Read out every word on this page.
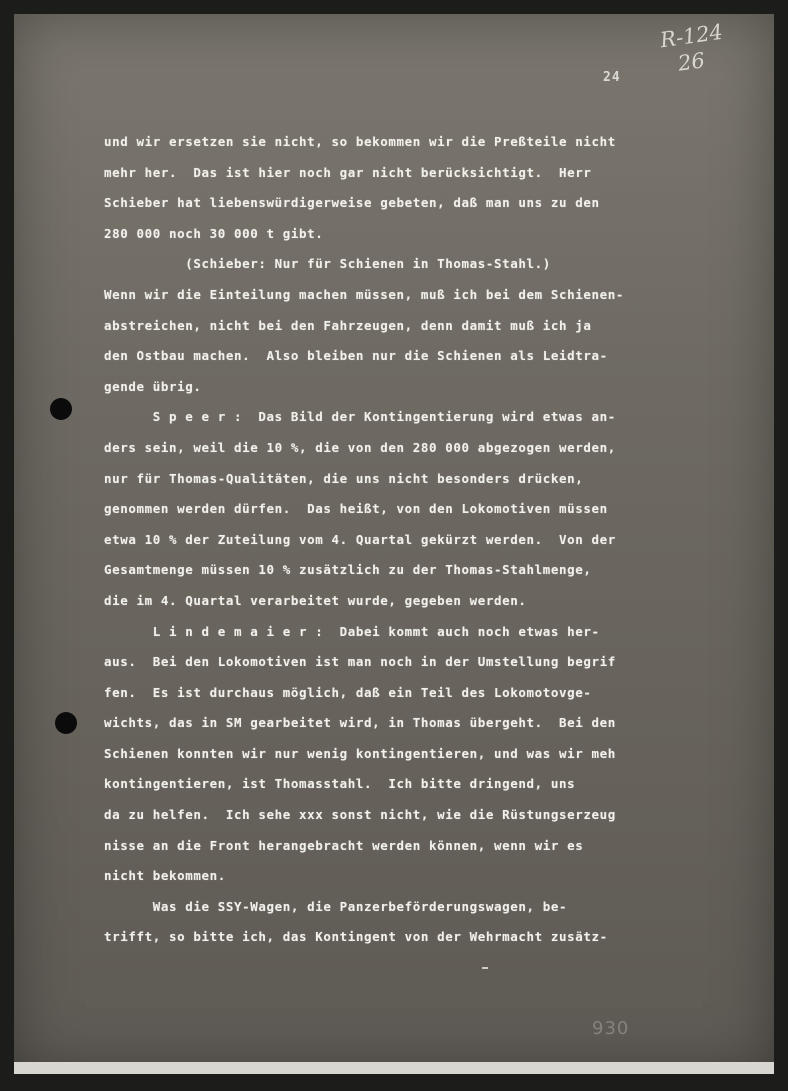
R-124
26
24
und wir ersetzen sie nicht, so bekommen wir die Preßteile nicht
mehr her.  Das ist hier noch gar nicht berücksichtigt.  Herr
Schieber hat liebenswürdigerweise gebeten, daß man uns zu den
280 000 noch 30 000 t gibt.
(Schieber: Nur für Schienen in Thomas-Stahl.)
Wenn wir die Einteilung machen müssen, muß ich bei dem Schienen-
abstreichen, nicht bei den Fahrzeugen, denn damit muß ich ja
den Ostbau machen.  Also bleiben nur die Schienen als Leidtra-
gende übrig.
S p e e r :  Das Bild der Kontingentierung wird etwas an-
ders sein, weil die 10 %, die von den 280 000 abgezogen werden,
nur für Thomas-Qualitäten, die uns nicht besonders drücken,
genommen werden dürfen.  Das heißt, von den Lokomotiven müssen
etwa 10 % der Zuteilung vom 4. Quartal gekürzt werden.  Von der
Gesamtmenge müssen 10 % zusätzlich zu der Thomas-Stahlmenge,
die im 4. Quartal verarbeitet wurde, gegeben werden.
L i n d e m a i e r :  Dabei kommt auch noch etwas her-
aus.  Bei den Lokomotiven ist man noch in der Umstellung begrif
fen.  Es ist durchaus möglich, daß ein Teil des Lokomotovge-
wichts, das in SM gearbeitet wird, in Thomas übergeht.  Bei den
Schienen konnten wir nur wenig kontingentieren, und was wir meh
kontingentieren, ist Thomasstahl.  Ich bitte dringend, uns
da zu helfen.  Ich sehe xxx sonst nicht, wie die Rüstungserzeug
nisse an die Front herangebracht werden können, wenn wir es
nicht bekommen.
Was die SSY-Wagen, die Panzerbeförderungswagen, be-
trifft, so bitte ich, das Kontingent von der Wehrmacht zusätz-
930
